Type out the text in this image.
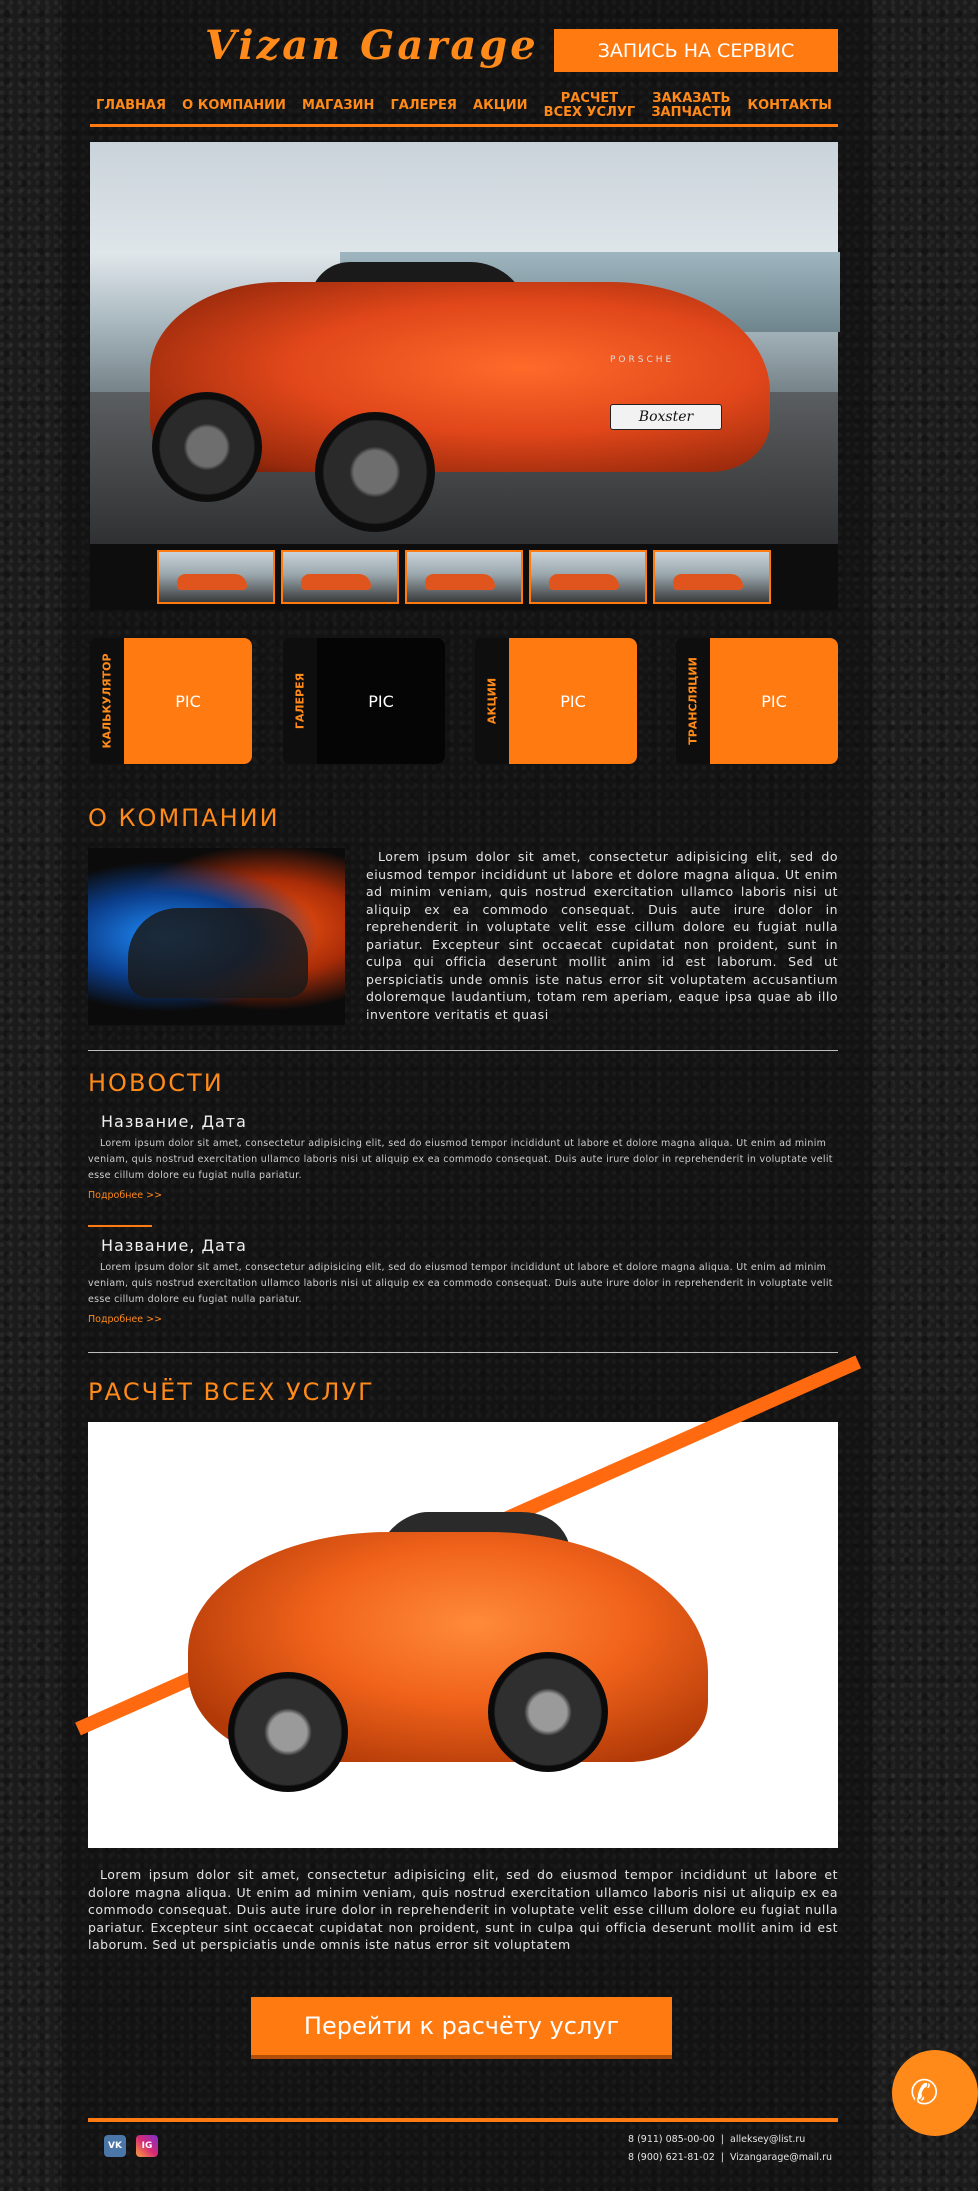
Vizan Garage	ЗАПИСЬ НА СЕРВИС
ГЛАВНАЯ	О КОМПАНИИ	МАГАЗИН	ГАЛЕРЕЯ	АКЦИИ	РАСЧЕТ
ВСЕХ УСЛУГ
ЗАКАЗАТЬ
ЗАПЧАСТИ	КОНТАКТЫ
PORSCHE
Boxster
КАЛЬКУЛЯТОР	PIC	ГАЛЕРЕЯ	PIC	АКЦИИ	PIC	ТРАНСЛЯЦИИ	PIC
О КОМПАНИИ
Lorem ipsum dolor sit amet, consectetur adipisicing elit, sed do eiusmod tempor incididunt ut labore et dolore magna aliqua. Ut enim ad minim veniam, quis nostrud exercitation ullamco laboris nisi ut aliquip ex ea commodo consequat. Duis aute irure dolor in reprehenderit in voluptate velit esse cillum dolore eu fugiat nulla pariatur. Excepteur sint occaecat cupidatat non proident, sunt in culpa qui officia deserunt mollit anim id est laborum. Sed ut perspiciatis unde omnis iste natus error sit voluptatem accusantium doloremque laudantium, totam rem aperiam, eaque ipsa quae ab illo inventore veritatis et quasi
НОВОСТИ
Название, Дата
Lorem ipsum dolor sit amet, consectetur adipisicing elit, sed do eiusmod tempor incididunt ut labore et dolore magna aliqua. Ut enim ad minim veniam, quis nostrud exercitation ullamco laboris nisi ut aliquip ex ea commodo consequat. Duis aute irure dolor in reprehenderit in voluptate velit esse cillum dolore eu fugiat nulla pariatur.
Подробнее >>
Название, Дата
Lorem ipsum dolor sit amet, consectetur adipisicing elit, sed do eiusmod tempor incididunt ut labore et dolore magna aliqua. Ut enim ad minim veniam, quis nostrud exercitation ullamco laboris nisi ut aliquip ex ea commodo consequat. Duis aute irure dolor in reprehenderit in voluptate velit esse cillum dolore eu fugiat nulla pariatur.
Подробнее >>
РАСЧЁТ ВСЕХ УСЛУГ
Lorem ipsum dolor sit amet, consectetur adipisicing elit, sed do eiusmod tempor incididunt ut labore et dolore magna aliqua. Ut enim ad minim veniam, quis nostrud exercitation ullamco laboris nisi ut aliquip ex ea commodo consequat. Duis aute irure dolor in reprehenderit in voluptate velit esse cillum dolore eu fugiat nulla pariatur. Excepteur sint occaecat cupidatat non proident, sunt in culpa qui officia deserunt mollit anim id est laborum. Sed ut perspiciatis unde omnis iste natus error sit voluptatem
Перейти к расчёту услуг
VK	IG
8 (911) 085-00-00 | alleksey@list.ru
8 (900) 621-81-02 | Vizangarage@mail.ru
✆
